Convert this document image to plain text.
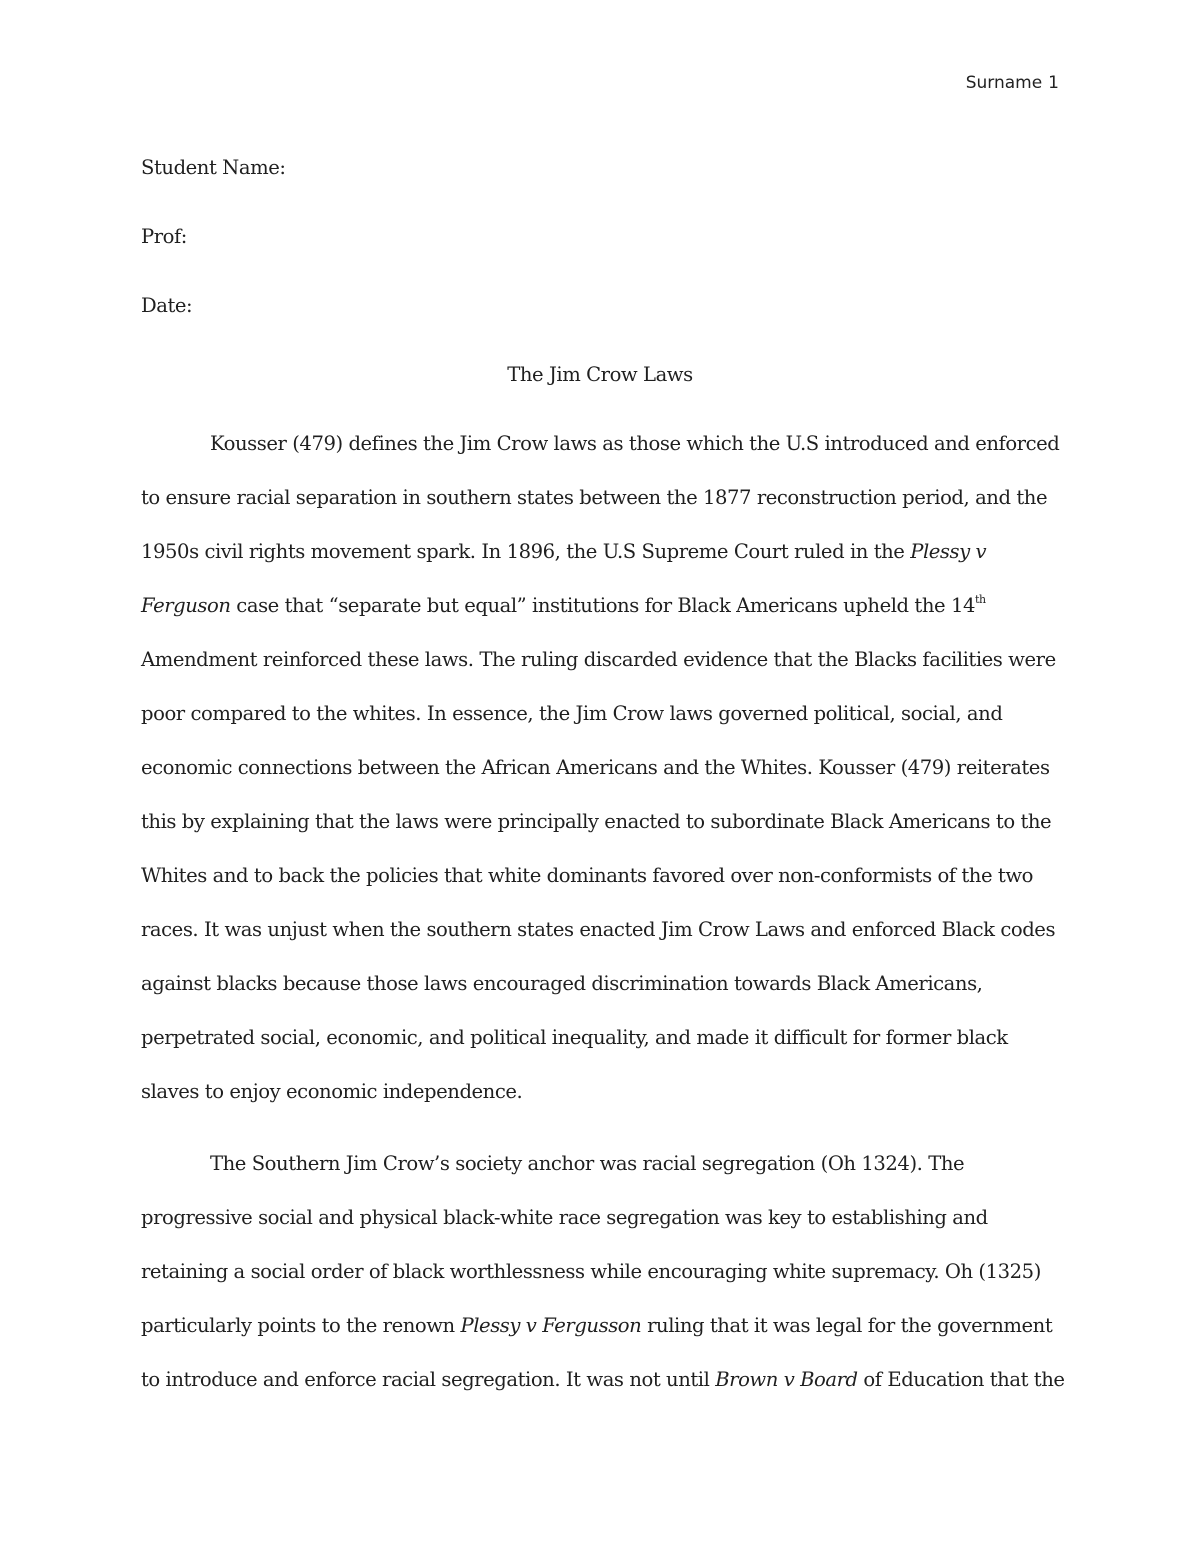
Surname 1

Student Name:

Prof:

Date:

The Jim Crow Laws

Kousser (479) defines the Jim Crow laws as those which the U.S introduced and enforced

to ensure racial separation in southern states between the 1877 reconstruction period, and the

1950s civil rights movement spark. In 1896, the U.S Supreme Court ruled in the Plessy v

Ferguson case that “separate but equal” institutions for Black Americans upheld the 14th

Amendment reinforced these laws. The ruling discarded evidence that the Blacks facilities were

poor compared to the whites. In essence, the Jim Crow laws governed political, social, and

economic connections between the African Americans and the Whites. Kousser (479) reiterates

this by explaining that the laws were principally enacted to subordinate Black Americans to the

Whites and to back the policies that white dominants favored over non-conformists of the two

races. It was unjust when the southern states enacted Jim Crow Laws and enforced Black codes

against blacks because those laws encouraged discrimination towards Black Americans,

perpetrated social, economic, and political inequality, and made it difficult for former black

slaves to enjoy economic independence.

The Southern Jim Crow’s society anchor was racial segregation (Oh 1324). The

progressive social and physical black-white race segregation was key to establishing and

retaining a social order of black worthlessness while encouraging white supremacy. Oh (1325)

particularly points to the renown Plessy v Fergusson ruling that it was legal for the government

to introduce and enforce racial segregation. It was not until Brown v Board of Education that the
